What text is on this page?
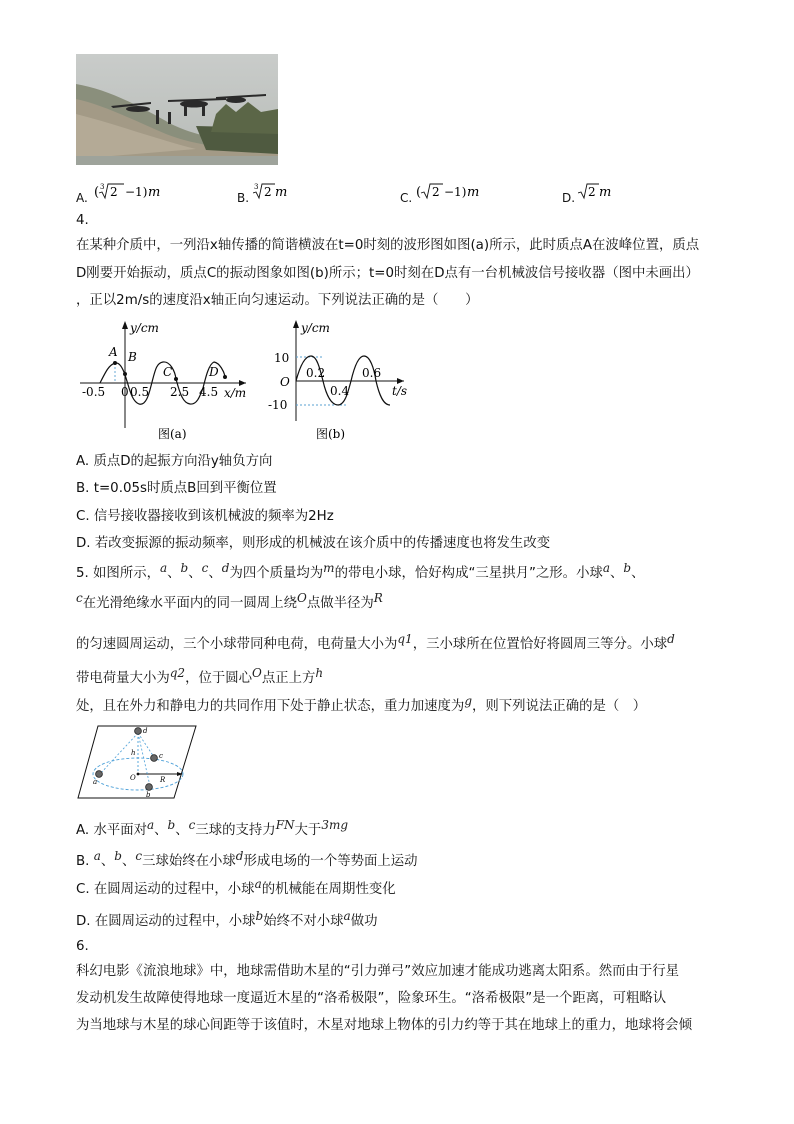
A. ( 3 2 −1) m	B.
3 2 m	C. ( 2 −1) m	D. 2 m
4.
在某种介质中，一列沿x轴传播的简谐横波在t=0时刻的波形图如图(a)所示，此时质点A在波峰位置，质点
D刚要开始振动，质点C的振动图象如图(b)所示；t=0时刻在D点有一台机械波信号接收器（图中未画出）
，正以2m/s的速度沿x轴正向匀速运动。下列说法正确的是（　　）
y/cm
A B
C	D
-0.5 0 0.5 2.5 4.5 x/m
图(a)
y/cm
10
O
-10
0.2
0.4
0.6
t/s
图(b)
A. 质点D的起振方向沿y轴负方向
B. t=0.05s时质点B回到平衡位置
C. 信号接收器接收到该机械波的频率为2Hz
D. 若改变振源的振动频率，则形成的机械波在该介质中的传播速度也将发生改变
5. 如图所示，a、b、c、d为四个质量均为m的带电小球，恰好构成“三星拱月”之形。小球a、b、
c在光滑绝缘水平面内的同一圆周上绕O点做半径为R
的匀速圆周运动，三个小球带同种电荷，电荷量大小为q1，三小球所在位置恰好将圆周三等分。小球d
带电荷量大小为q2，位于圆心O点正上方h
处，且在外力和静电力的共同作用下处于静止状态，重力加速度为g，则下列说法正确的是（　）
d
c
a
b
h
O	R
A. 水平面对a、b、c三球的支持力FN大于3mg
B. a、b、c三球始终在小球d形成电场的一个等势面上运动
C. 在圆周运动的过程中，小球a的机械能在周期性变化
D. 在圆周运动的过程中，小球b始终不对小球a做功
6.
科幻电影《流浪地球》中，地球需借助木星的“引力弹弓”效应加速才能成功逃离太阳系。然而由于行星
发动机发生故障使得地球一度逼近木星的“洛希极限”，险象环生。“洛希极限”是一个距离，可粗略认
为当地球与木星的球心间距等于该值时，木星对地球上物体的引力约等于其在地球上的重力，地球将会倾
